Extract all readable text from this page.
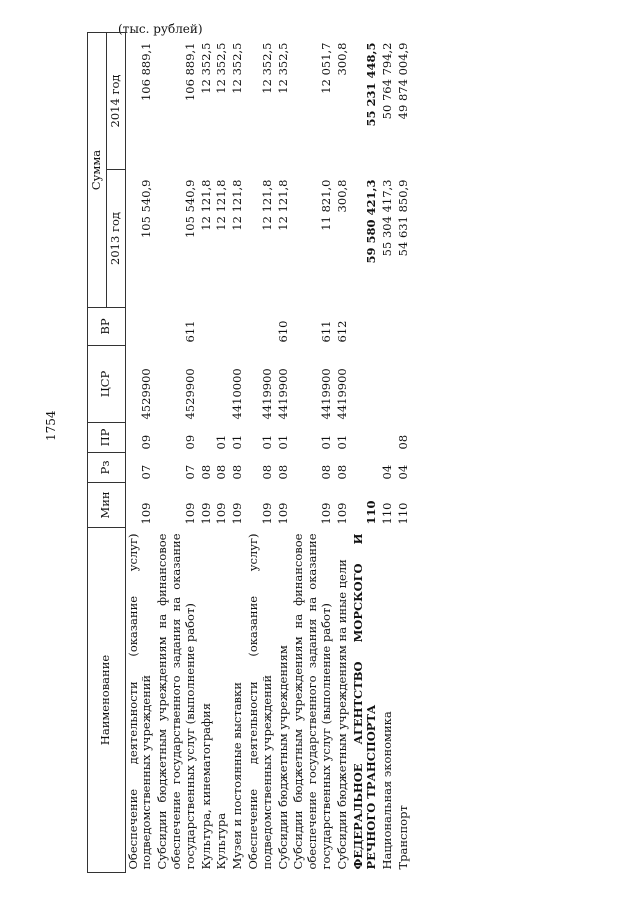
1754
(тыс. рублей)
Наименование	Мин	Рз	ПР	ЦСР	ВР	Сумма	
						2013 год	2014 год
Обеспечение деятельности (оказание услуг) подведомственных учреждений	109	07	09	4529900		105 540,9	106 889,1
Субсидии бюджетным учреждениям на финансовое обеспечение государственного задания на оказание государственных услуг (выполнение работ)	109	07	09	4529900	611	105 540,9	106 889,1
Культура, кинематография	109	08				12 121,8	12 352,5
Культура	109	08	01			12 121,8	12 352,5
Музеи и постоянные выставки	109	08	01	4410000		12 121,8	12 352,5
Обеспечение деятельности (оказание услуг) подведомственных учреждений	109	08	01	4419900		12 121,8	12 352,5
Субсидии бюджетным учреждениям	109	08	01	4419900	610	12 121,8	12 352,5
Субсидии бюджетным учреждениям на финансовое обеспечение государственного задания на оказание государственных услуг (выполнение работ)	109	08	01	4419900	611	11 821,0	12 051,7
Субсидии бюджетным учреждениям на иные цели	109	08	01	4419900	612	300,8	300,8
ФЕДЕРАЛЬНОЕ АГЕНТСТВО МОРСКОГО И РЕЧНОГО ТРАНСПОРТА	110					59 580 421,3	55 231 448,5
Национальная экономика	110	04				55 304 417,3	50 764 794,2
Транспорт	110	04	08			54 631 850,9	49 874 004,9
